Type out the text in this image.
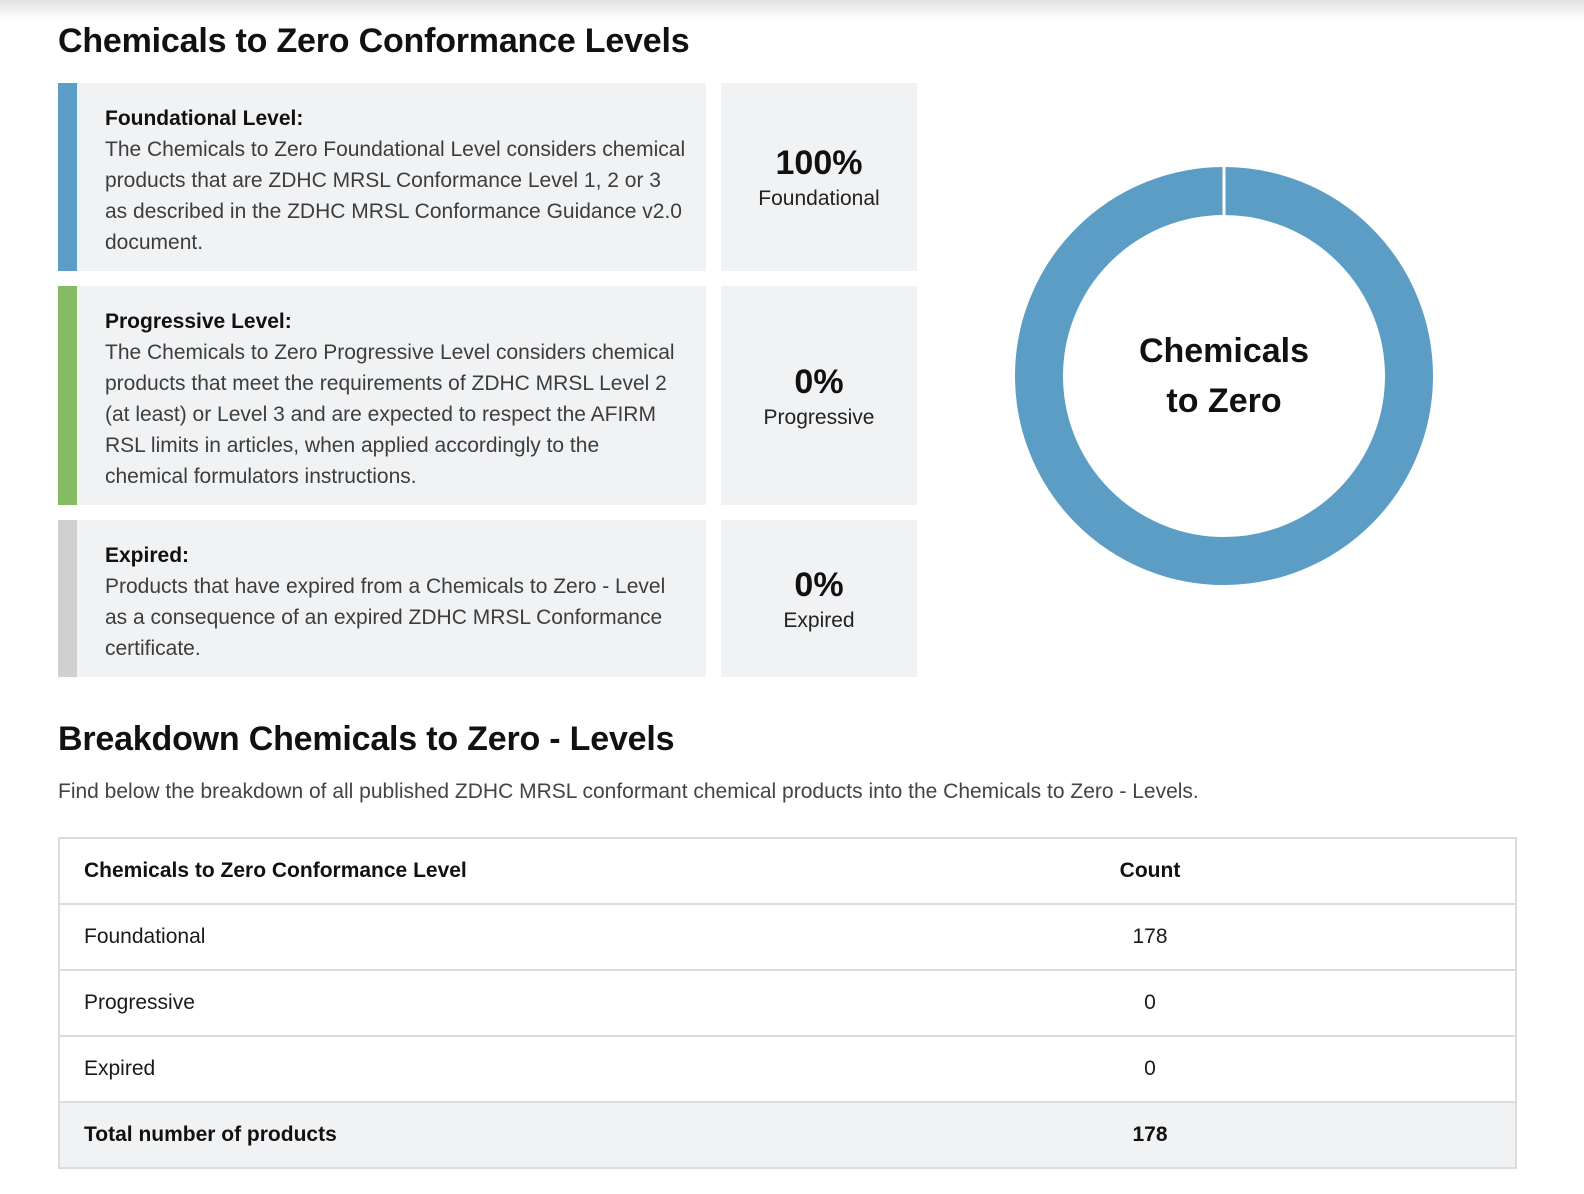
Chemicals to Zero Conformance Levels
Foundational Level:
The Chemicals to Zero Foundational Level considers chemical products that are ZDHC MRSL Conformance Level 1, 2 or 3 as described in the ZDHC MRSL Conformance Guidance v2.0 document.
100%
Foundational
Progressive Level:
The Chemicals to Zero Progressive Level considers chemical products that meet the requirements of ZDHC MRSL Level 2 (at least) or Level 3 and are expected to respect the AFIRM RSL limits in articles, when applied accordingly to the chemical formulators instructions.
0%
Progressive
Expired:
Products that have expired from a Chemicals to Zero - Level as a consequence of an expired ZDHC MRSL Conformance certificate.
0%
Expired
Chemicals
to Zero
Breakdown Chemicals to Zero - Levels
Find below the breakdown of all published ZDHC MRSL conformant chemical products into the Chemicals to Zero - Levels.
Chemicals to Zero Conformance Level	Count
Foundational	178
Progressive	0
Expired	0
Total number of products	178
